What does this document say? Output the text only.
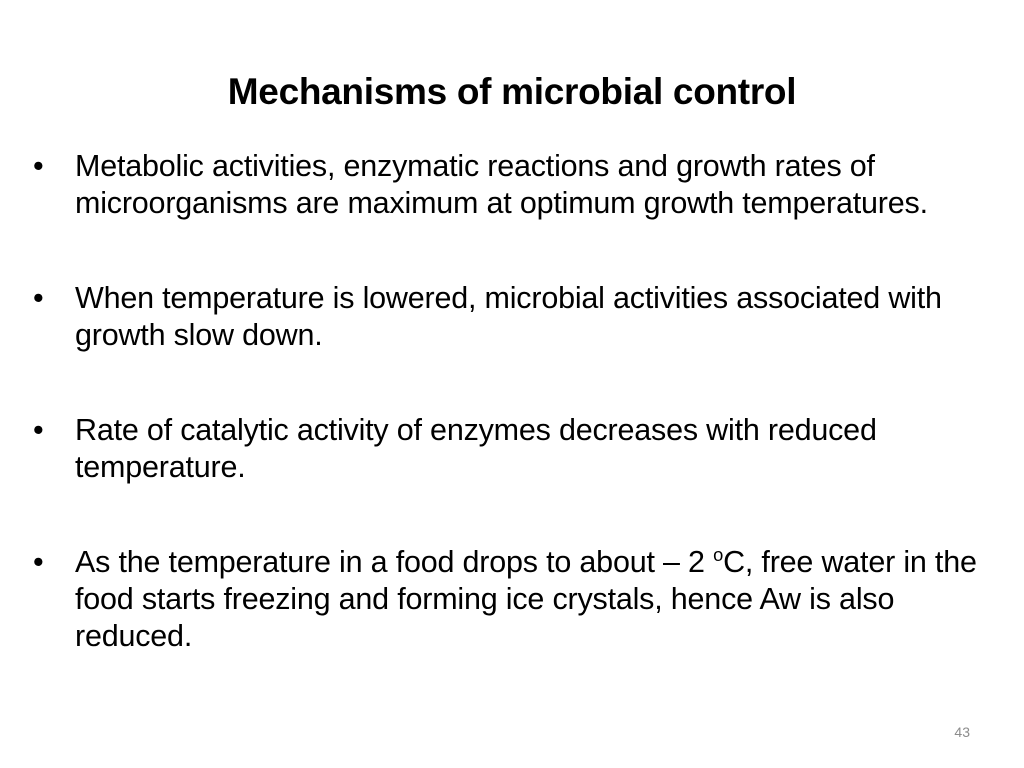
Mechanisms of microbial control
•	Metabolic activities, enzymatic reactions and growth rates of microorganisms are maximum at optimum growth temperatures.
•	When temperature is lowered, microbial activities associated with growth slow down.
•	Rate of catalytic activity of enzymes decreases with reduced temperature.
•	As the temperature in a food drops to about – 2 $^o$C, free water in the food starts freezing and forming ice crystals, hence Aw is also reduced.
43
